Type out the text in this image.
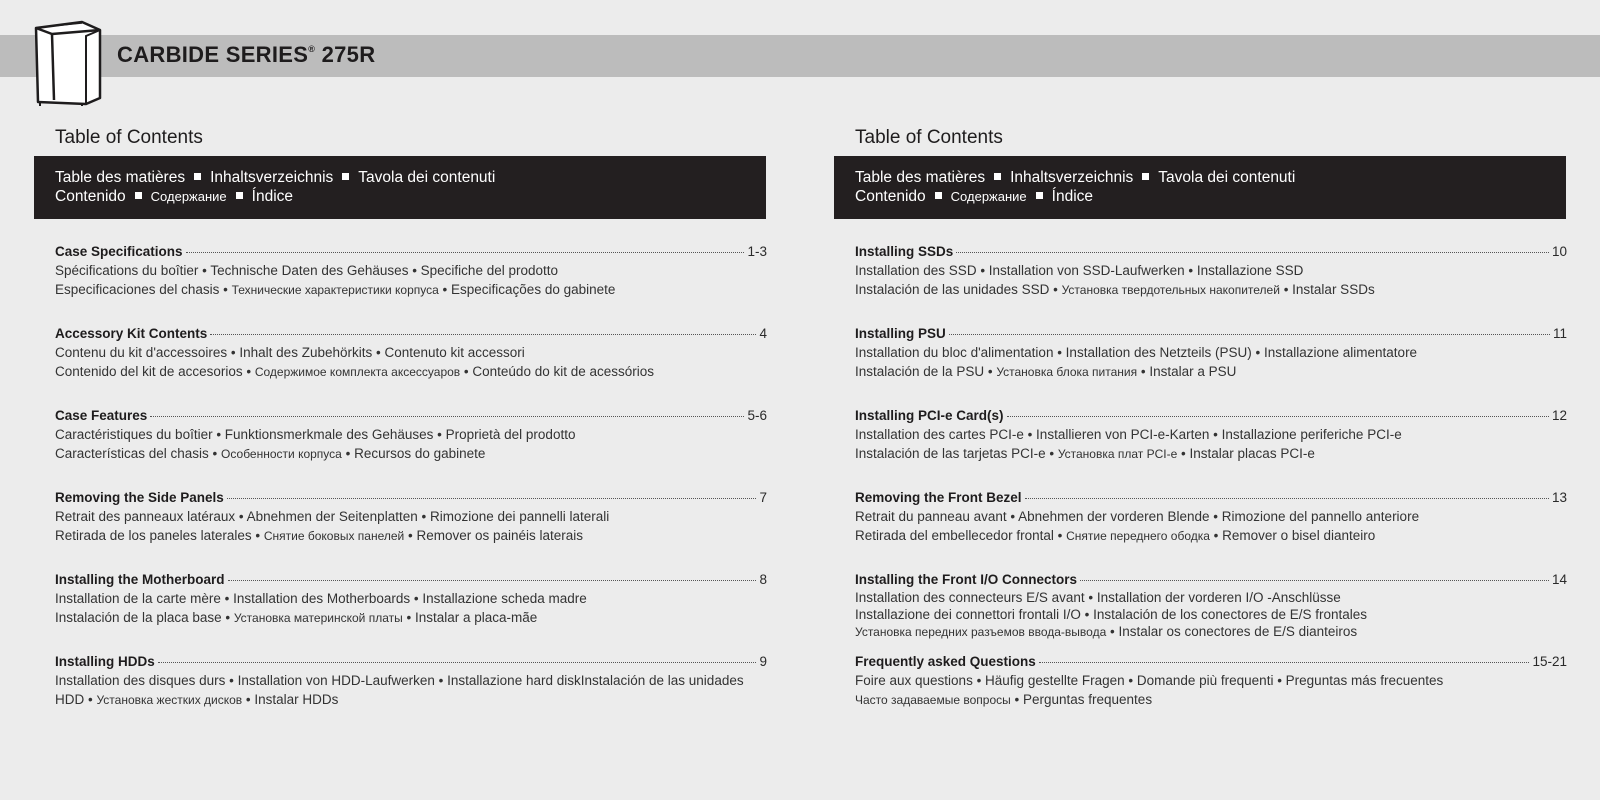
CARBIDE SERIES® 275R
Table of Contents
Table des matières Inhaltsverzeichnis Tavola dei contenuti
Contenido Содержание Índice
Case Specifications	1-3
Spécifications du boîtier • Technische Daten des Gehäuses • Specifiche del prodotto
Especificaciones del chasis • Технические характеристики корпуса • Especificações do gabinete
Accessory Kit Contents	4
Contenu du kit d'accessoires • Inhalt des Zubehörkits • Contenuto kit accessori
Contenido del kit de accesorios • Содержимое комплекта аксессуаров • Conteúdo do kit de acessórios
Case Features	5-6
Caractéristiques du boîtier • Funktionsmerkmale des Gehäuses • Proprietà del prodotto
Características del chasis • Особенности корпуса • Recursos do gabinete
Removing the Side Panels	7
Retrait des panneaux latéraux • Abnehmen der Seitenplatten • Rimozione dei pannelli laterali
Retirada de los paneles laterales • Снятие боковых панелей • Remover os painéis laterais
Installing the Motherboard	8
Installation de la carte mère • Installation des Motherboards • Installazione scheda madre
Instalación de la placa base • Установка материнской платы • Instalar a placa-mãe
Installing HDDs	9
Installation des disques durs • Installation von HDD-Laufwerken • Installazione hard diskInstalación de las unidades HDD • Установка жестких дисков • Instalar HDDs
Table of Contents
Table des matières Inhaltsverzeichnis Tavola dei contenuti
Contenido Содержание Índice
Installing SSDs	10
Installation des SSD • Installation von SSD-Laufwerken • Installazione SSD
Instalación de las unidades SSD • Установка твердотельных накопителей • Instalar SSDs
Installing PSU	11
Installation du bloc d'alimentation • Installation des Netzteils (PSU) • Installazione alimentatore
Instalación de la PSU • Установка блока питания • Instalar a PSU
Installing PCI-e Card(s)	12
Installation des cartes PCI-e • Installieren von PCI-e-Karten • Installazione periferiche PCI-e
Instalación de las tarjetas PCI-e • Установка плат PCI-e • Instalar placas PCI-e
Removing the Front Bezel	13
Retrait du panneau avant • Abnehmen der vorderen Blende • Rimozione del pannello anteriore
Retirada del embellecedor frontal • Снятие переднего ободка • Remover o bisel dianteiro
Installing the Front I/O Connectors	14
Installation des connecteurs E/S avant • Installation der vorderen I/O -Anschlüsse
Installazione dei connettori frontali I/O • Instalación de los conectores de E/S frontales
Установка передних разъемов ввода-вывода • Instalar os conectores de E/S dianteiros
Frequently asked Questions	15-21
Foire aux questions • Häufig gestellte Fragen • Domande più frequenti • Preguntas más frecuentes
Часто задаваемые вопросы • Perguntas frequentes
